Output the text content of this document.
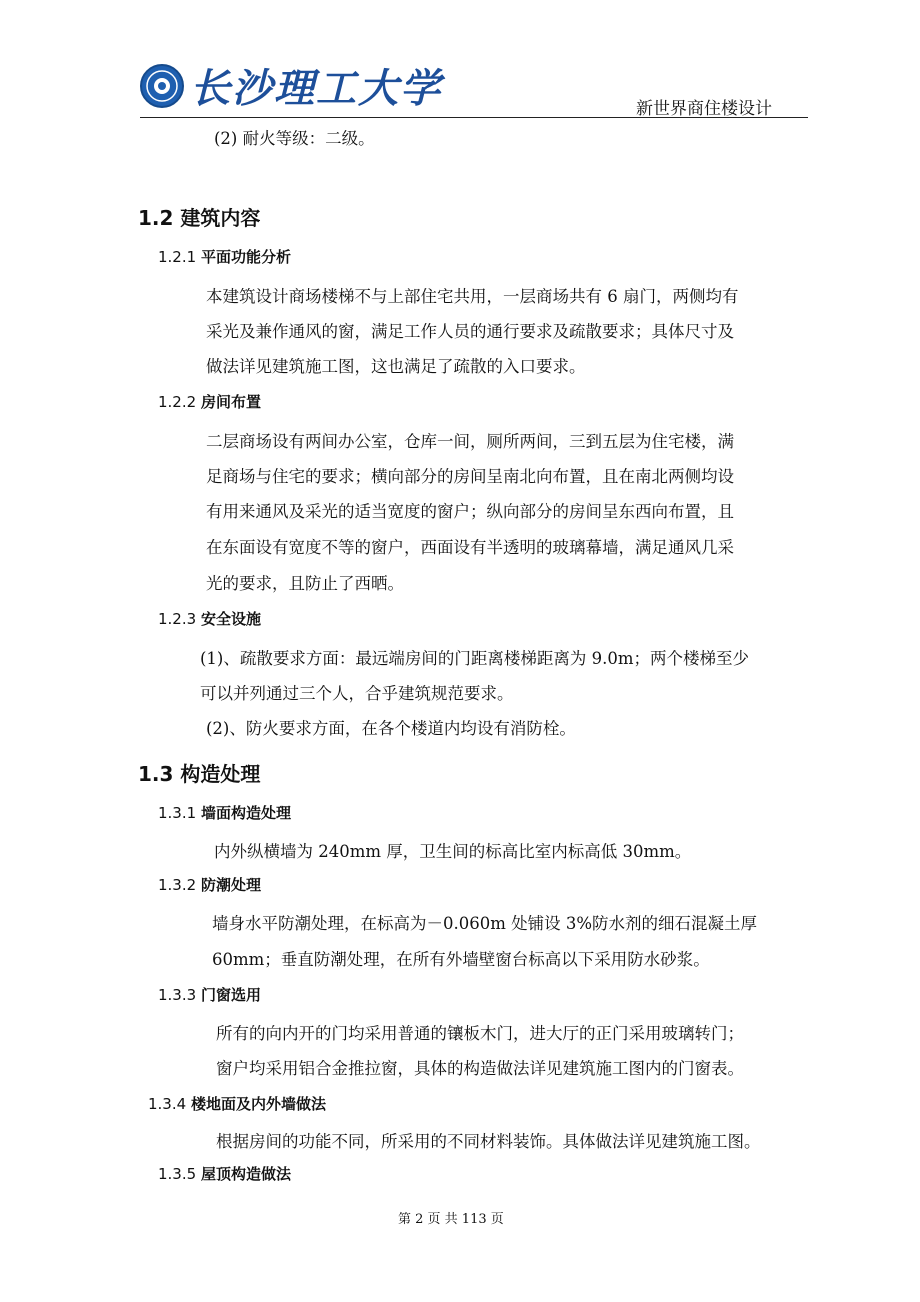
长沙理工大学	新世界商住楼设计
(2) 耐火等级：二级。
1.2 建筑内容
1.2.1 平面功能分析
本建筑设计商场楼梯不与上部住宅共用，一层商场共有 6 扇门，两侧均有
采光及兼作通风的窗，满足工作人员的通行要求及疏散要求；具体尺寸及
做法详见建筑施工图，这也满足了疏散的入口要求。
1.2.2 房间布置
二层商场设有两间办公室，仓库一间，厕所两间，三到五层为住宅楼，满
足商场与住宅的要求；横向部分的房间呈南北向布置，且在南北两侧均设
有用来通风及采光的适当宽度的窗户；纵向部分的房间呈东西向布置，且
在东面设有宽度不等的窗户，西面设有半透明的玻璃幕墙，满足通风几采
光的要求，且防止了西晒。
1.2.3 安全设施
(1)、疏散要求方面：最远端房间的门距离楼梯距离为 9.0m；两个楼梯至少
可以并列通过三个人，合乎建筑规范要求。
(2)、防火要求方面，在各个楼道内均设有消防栓。
1.3 构造处理
1.3.1 墙面构造处理
内外纵横墙为 240mm 厚，卫生间的标高比室内标高低 30mm。
1.3.2 防潮处理
墙身水平防潮处理，在标高为－0.060m 处铺设 3%防水剂的细石混凝土厚
60mm；垂直防潮处理，在所有外墙壁窗台标高以下采用防水砂浆。
1.3.3 门窗选用
所有的向内开的门均采用普通的镶板木门，进大厅的正门采用玻璃转门；
窗户均采用铝合金推拉窗，具体的构造做法详见建筑施工图内的门窗表。
1.3.4 楼地面及内外墙做法
根据房间的功能不同，所采用的不同材料装饰。具体做法详见建筑施工图。
1.3.5 屋顶构造做法
第 2 页 共 113 页
